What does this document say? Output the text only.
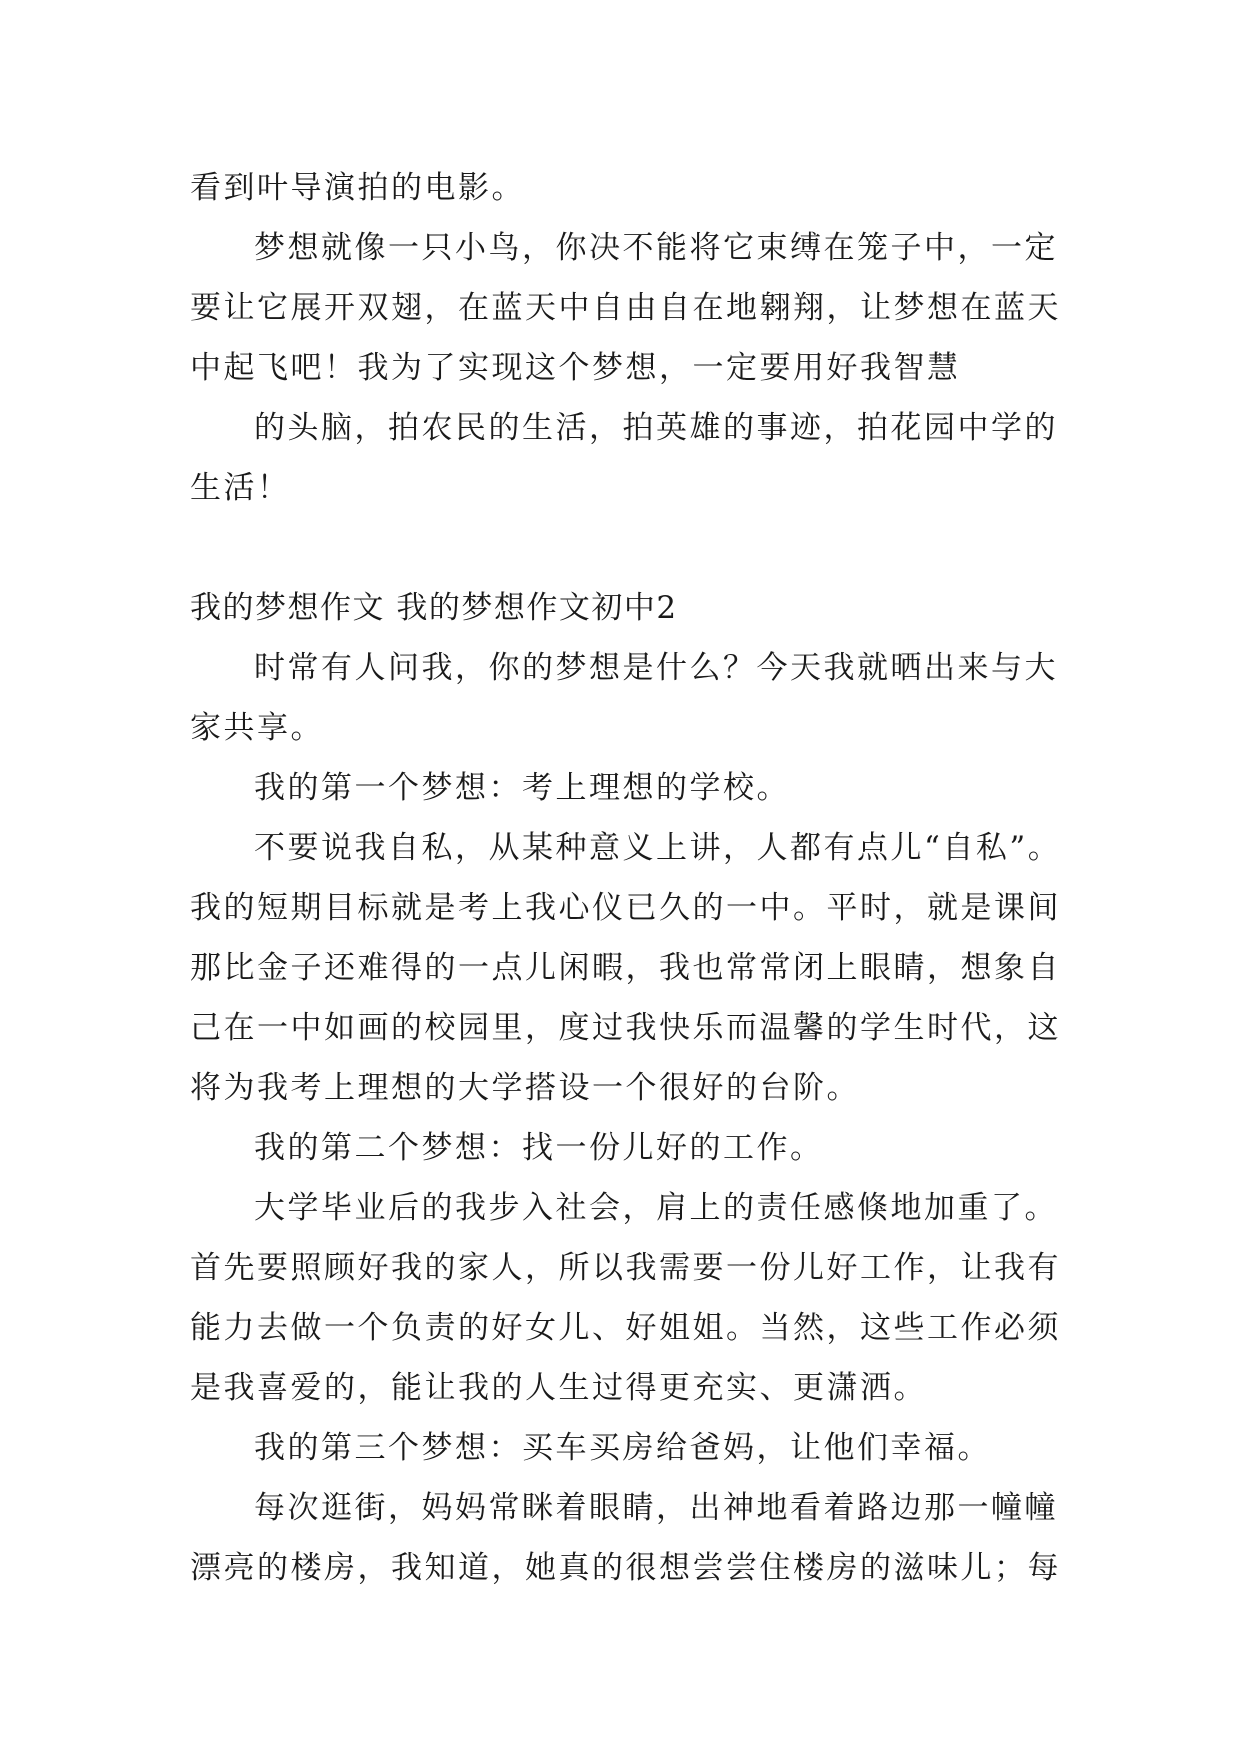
看到叶导演拍的电影。
梦想就像一只小鸟，你决不能将它束缚在笼子中，一定
要让它展开双翅，在蓝天中自由自在地翱翔，让梦想在蓝天
中起飞吧！我为了实现这个梦想，一定要用好我智慧
的头脑，拍农民的生活，拍英雄的事迹，拍花园中学的
生活！
我的梦想作文 我的梦想作文初中2
时常有人问我，你的梦想是什么？今天我就晒出来与大
家共享。
我的第一个梦想：考上理想的学校。
不要说我自私，从某种意义上讲，人都有点儿“自私”。
我的短期目标就是考上我心仪已久的一中。平时，就是课间
那比金子还难得的一点儿闲暇，我也常常闭上眼睛，想象自
己在一中如画的校园里，度过我快乐而温馨的学生时代，这
将为我考上理想的大学搭设一个很好的台阶。
我的第二个梦想：找一份儿好的工作。
大学毕业后的我步入社会，肩上的责任感倏地加重了。
首先要照顾好我的家人，所以我需要一份儿好工作，让我有
能力去做一个负责的好女儿、好姐姐。当然，这些工作必须
是我喜爱的，能让我的人生过得更充实、更潇洒。
我的第三个梦想：买车买房给爸妈，让他们幸福。
每次逛街，妈妈常眯着眼睛，出神地看着路边那一幢幢
漂亮的楼房，我知道，她真的很想尝尝住楼房的滋味儿；每
